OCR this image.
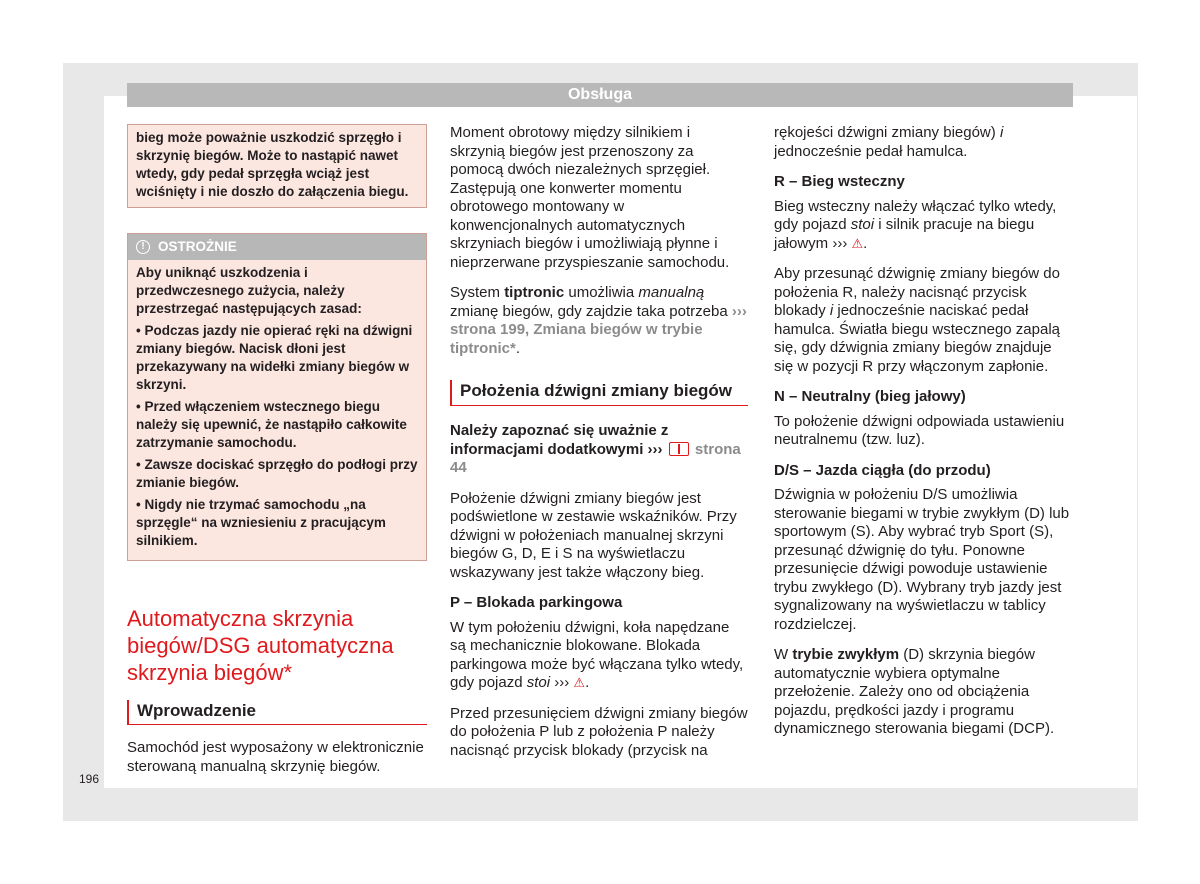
Obsługa
196
bieg może poważnie uszkodzić sprzęgło i skrzynię biegów. Może to nastąpić nawet wtedy, gdy pedał sprzęgła wciąż jest wciśnięty i nie doszło do załączenia biegu.
! OSTROŻNIE

Aby uniknąć uszkodzenia i przedwczesnego zużycia, należy przestrzegać następujących zasad:

• Podczas jazdy nie opierać ręki na dźwigni zmiany biegów. Nacisk dłoni jest przekazywany na widełki zmiany biegów w skrzyni.

• Przed włączeniem wstecznego biegu należy się upewnić, że nastąpiło całkowite zatrzymanie samochodu.

• Zawsze dociskać sprzęgło do podłogi przy zmianie biegów.

• Nigdy nie trzymać samochodu „na sprzęgle“ na wzniesieniu z pracującym silnikiem.

Automatyczna skrzynia biegów/DSG automatyczna skrzynia biegów*
Wprowadzenie

Samochód jest wyposażony w elektronicznie sterowaną manualną skrzynię biegów.

Moment obrotowy między silnikiem i skrzynią biegów jest przenoszony za pomocą dwóch niezależnych sprzęgieł. Zastępują one konwerter momentu obrotowego montowany w konwencjonalnych automatycznych skrzyniach biegów i umożliwiają płynne i nieprzerwane przyspieszanie samochodu.

System tiptronic umożliwia manualną zmianę biegów, gdy zajdzie taka potrzeba ››› strona 199, Zmiana biegów w trybie tiptronic*.

Położenia dźwigni zmiany biegów

Należy zapoznać się uważnie z informacjami dodatkowymi ››› strona 44

Położenie dźwigni zmiany biegów jest podświetlone w zestawie wskaźników. Przy dźwigni w położeniach manualnej skrzyni biegów G, D, E i S na wyświetlaczu wskazywany jest także włączony bieg.

P – Blokada parkingowa

W tym położeniu dźwigni, koła napędzane są mechanicznie blokowane. Blokada parkingowa może być włączana tylko wtedy, gdy pojazd stoi ››› ⚠.

Przed przesunięciem dźwigni zmiany biegów do położenia P lub z położenia P należy nacisnąć przycisk blokady (przycisk na

rękojeści dźwigni zmiany biegów) i jednocześnie pedał hamulca.

R – Bieg wsteczny

Bieg wsteczny należy włączać tylko wtedy, gdy pojazd stoi i silnik pracuje na biegu jałowym ››› ⚠.

Aby przesunąć dźwignię zmiany biegów do położenia R, należy nacisnąć przycisk blokady i jednocześnie naciskać pedał hamulca. Światła biegu wstecznego zapalą się, gdy dźwignia zmiany biegów znajduje się w pozycji R przy włączonym zapłonie.

N – Neutralny (bieg jałowy)

To położenie dźwigni odpowiada ustawieniu neutralnemu (tzw. luz).

D/S – Jazda ciągła (do przodu)

Dźwignia w położeniu D/S umożliwia sterowanie biegami w trybie zwykłym (D) lub sportowym (S). Aby wybrać tryb Sport (S), przesunąć dźwignię do tyłu. Ponowne przesunięcie dźwigi powoduje ustawienie trybu zwykłego (D). Wybrany tryb jazdy jest sygnalizowany na wyświetlaczu w tablicy rozdzielczej.

W trybie zwykłym (D) skrzynia biegów automatycznie wybiera optymalne przełożenie. Zależy ono od obciążenia pojazdu, prędkości jazdy i programu dynamicznego sterowania biegami (DCP).
